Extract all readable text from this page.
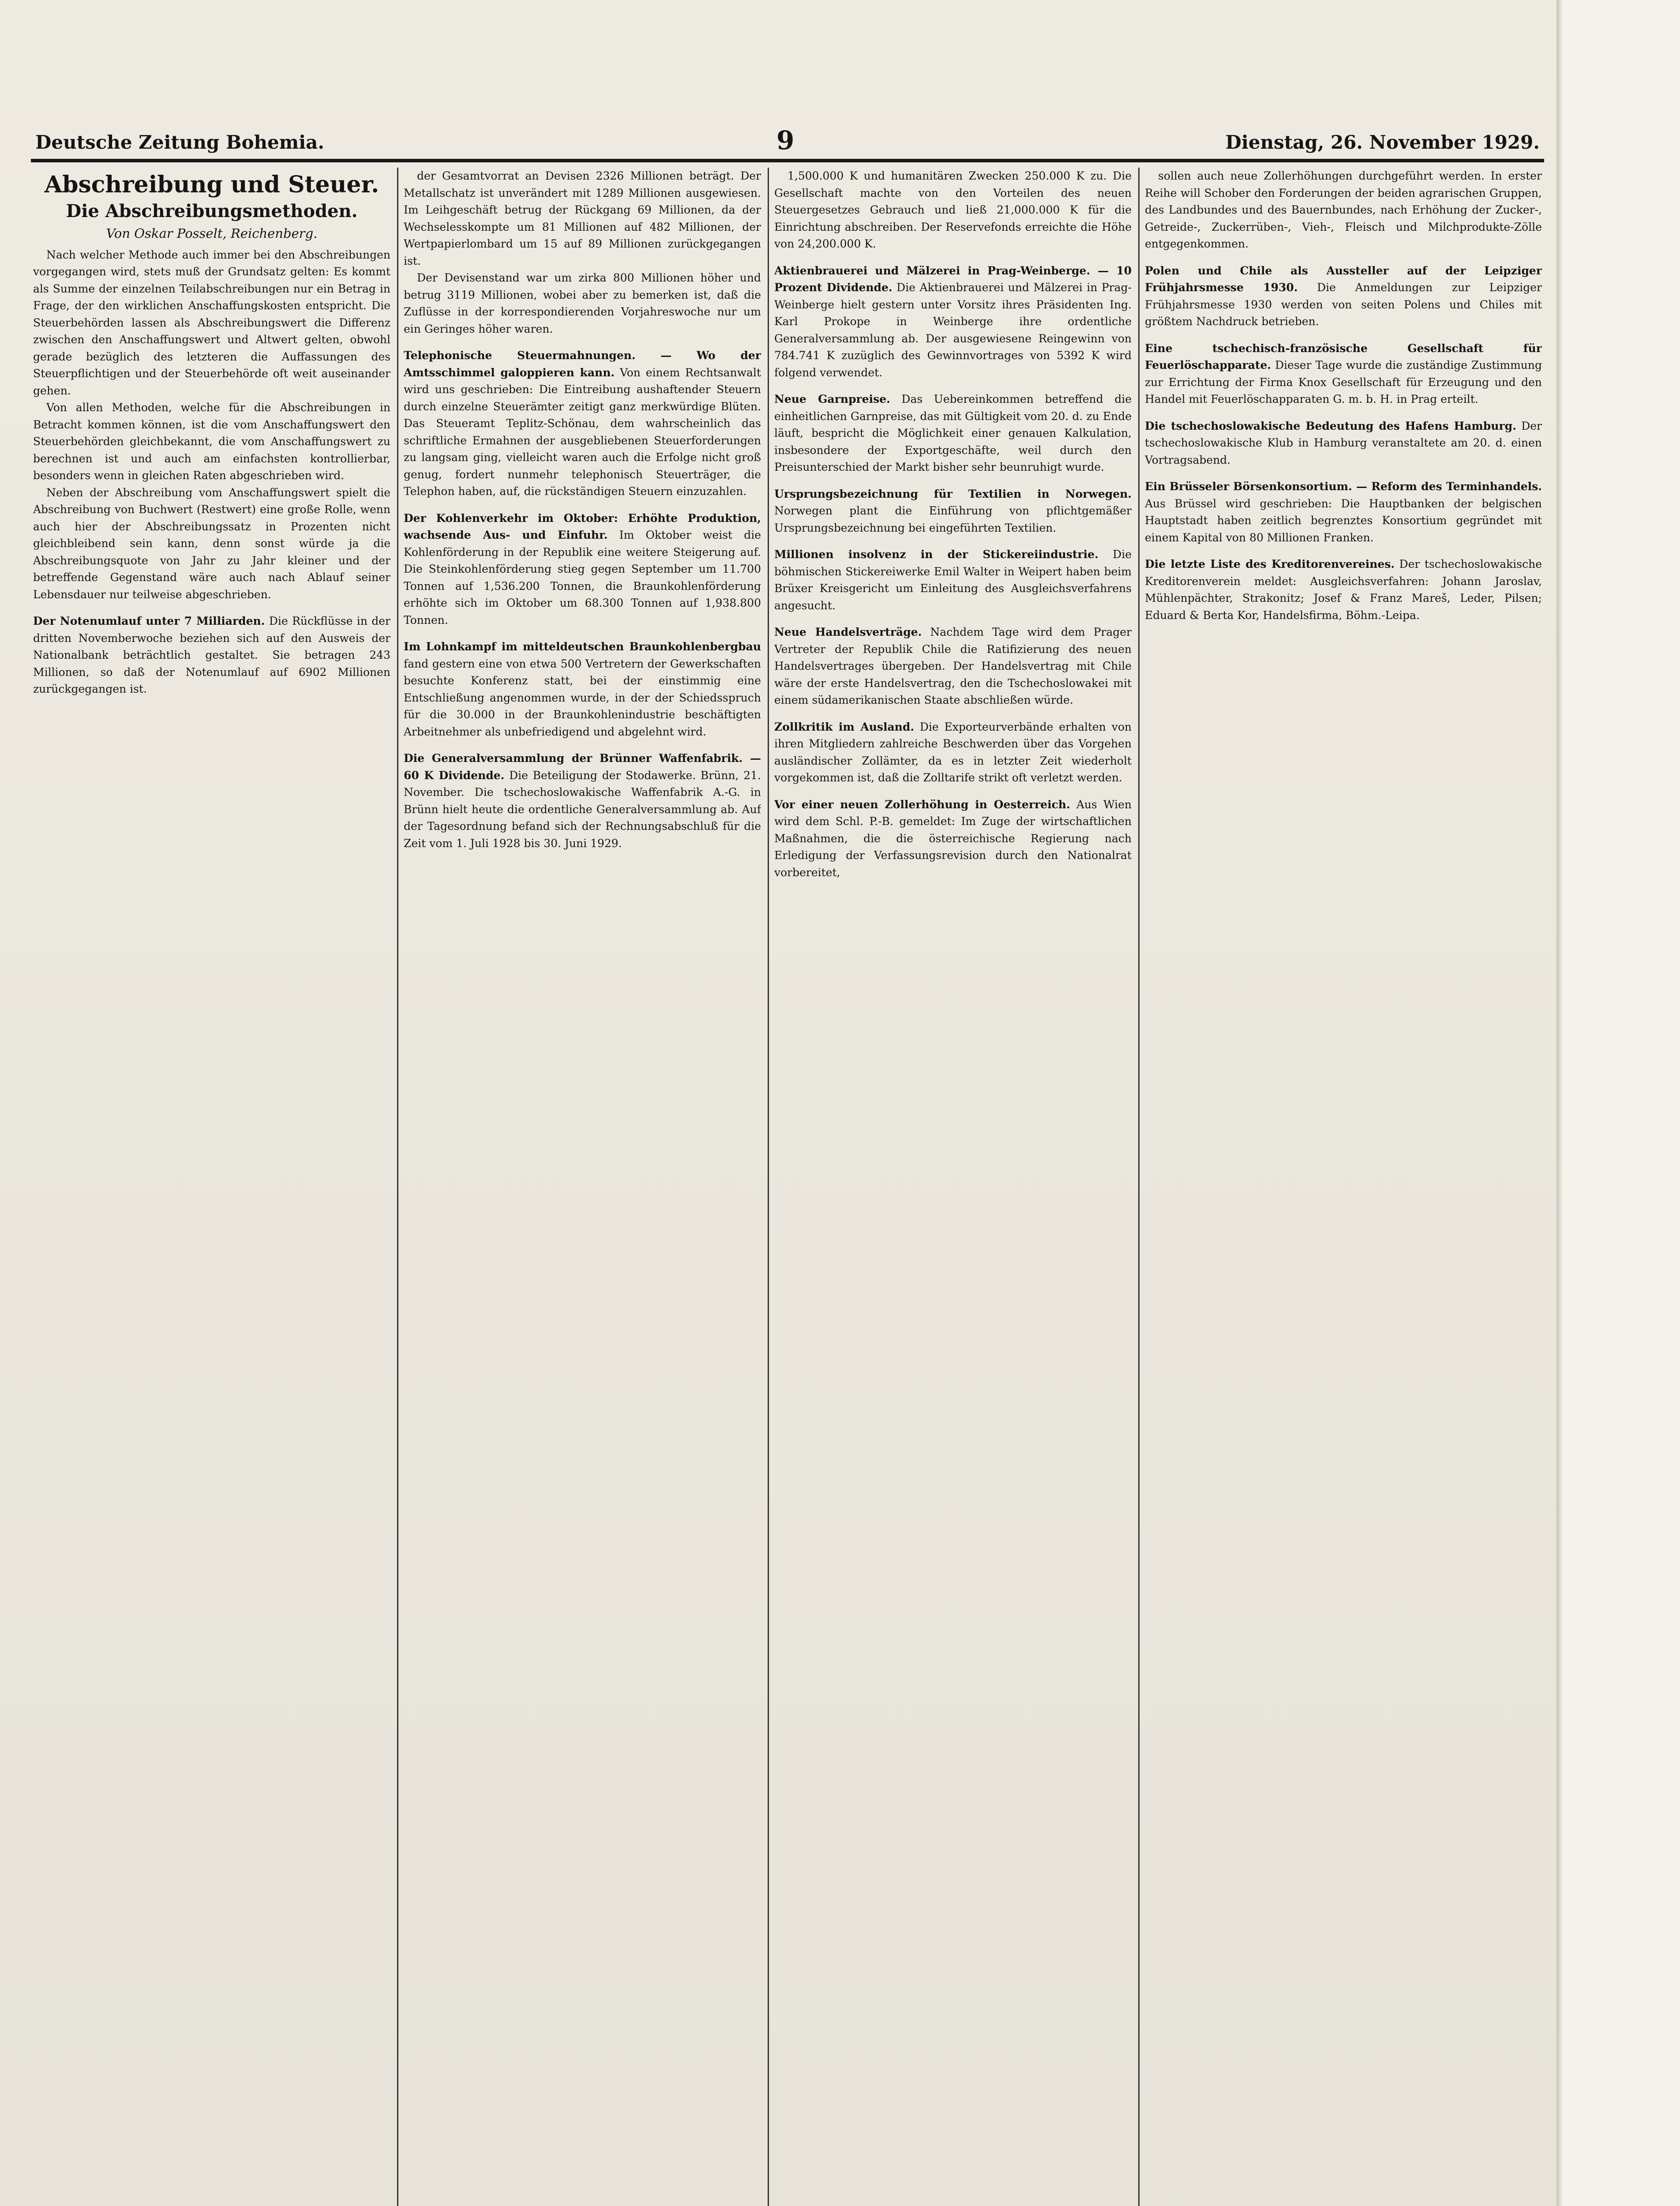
Deutsche Zeitung Bohemia.	9	Dienstag, 26. November 1929.
Abschreibung und Steuer.
Die Abschreibungsmethoden.
Von Oskar Posselt, Reichenberg.

Nach welcher Methode auch immer bei den Abschreibungen vorgegangen wird, stets muß der Grundsatz gelten: Es kommt als Summe der einzelnen Teilabschreibungen nur ein Betrag in Frage, der den wirklichen Anschaffungskosten entspricht. Die Steuerbehörden lassen als Abschreibungswert die Differenz zwischen den Anschaffungswert und Altwert gelten, obwohl gerade bezüglich des letzteren die Auffassungen des Steuerpflichtigen und der Steuerbehörde oft weit auseinander gehen.

Von allen Methoden, welche für die Abschreibungen in Betracht kommen können, ist die vom Anschaffungswert den Steuerbehörden gleichbekannt, die vom Anschaffungswert zu berechnen ist und auch am einfachsten kontrollierbar, besonders wenn in gleichen Raten abgeschrieben wird.

Neben der Abschreibung vom Anschaffungswert spielt die Abschreibung von Buchwert (Restwert) eine große Rolle, wenn auch hier der Abschreibungssatz in Prozenten nicht gleichbleibend sein kann, denn sonst würde ja die Abschreibungsquote von Jahr zu Jahr kleiner und der betreffende Gegenstand wäre auch nach Ablauf seiner Lebensdauer nur teilweise abgeschrieben.

Der Notenumlauf unter 7 Milliarden. Die Rückflüsse in der dritten Novemberwoche beziehen sich auf den Ausweis der Nationalbank beträchtlich gestaltet. Sie betragen 243 Millionen, so daß der Notenumlauf auf 6902 Millionen zurückgegangen ist.

der Gesamtvorrat an Devisen 2326 Millionen beträgt. Der Metallschatz ist unverändert mit 1289 Millionen ausgewiesen. Im Leihgeschäft betrug der Rückgang 69 Millionen, da der Wechselesskompte um 81 Millionen auf 482 Millionen, der Wertpapierlombard um 15 auf 89 Millionen zurückgegangen ist.

Der Devisenstand war um zirka 800 Millionen höher und betrug 3119 Millionen, wobei aber zu bemerken ist, daß die Zuflüsse in der korrespondierenden Vorjahreswoche nur um ein Geringes höher waren.

Telephonische Steuermahnungen. — Wo der Amtsschimmel galoppieren kann. Von einem Rechtsanwalt wird uns geschrieben: Die Eintreibung aushaftender Steuern durch einzelne Steuerämter zeitigt ganz merkwürdige Blüten. Das Steueramt Teplitz-Schönau, dem wahrscheinlich das schriftliche Ermahnen der ausgebliebenen Steuerforderungen zu langsam ging, vielleicht waren auch die Erfolge nicht groß genug, fordert nunmehr telephonisch Steuerträger, die Telephon haben, auf, die rückständigen Steuern einzuzahlen.
Der Kohlenverkehr im Oktober: Erhöhte Produktion, wachsende Aus- und Einfuhr. Im Oktober weist die Kohlenförderung in der Republik eine weitere Steigerung auf. Die Steinkohlenförderung stieg gegen September um 11.700 Tonnen auf 1,536.200 Tonnen, die Braunkohlenförderung erhöhte sich im Oktober um 68.300 Tonnen auf 1,938.800 Tonnen.
Im Lohnkampf im mitteldeutschen Braunkohlenbergbau fand gestern eine von etwa 500 Vertretern der Gewerkschaften besuchte Konferenz statt, bei der einstimmig eine Entschließung angenommen wurde, in der der Schiedsspruch für die 30.000 in der Braunkohlenindustrie beschäftigten Arbeitnehmer als unbefriedigend und abgelehnt wird.
Die Generalversammlung der Brünner Waffenfabrik. — 60 K Dividende. Die Beteiligung der Stodawerke. Brünn, 21. November. Die tschechoslowakische Waffenfabrik A.-G. in Brünn hielt heute die ordentliche Generalversammlung ab. Auf der Tagesordnung befand sich der Rechnungsabschluß für die Zeit vom 1. Juli 1928 bis 30. Juni 1929.

1,500.000 K und humanitären Zwecken 250.000 K zu. Die Gesellschaft machte von den Vorteilen des neuen Steuergesetzes Gebrauch und ließ 21,000.000 K für die Einrichtung abschreiben. Der Reservefonds erreichte die Höhe von 24,200.000 K.

Aktienbrauerei und Mälzerei in Prag-Weinberge. — 10 Prozent Dividende. Die Aktienbrauerei und Mälzerei in Prag-Weinberge hielt gestern unter Vorsitz ihres Präsidenten Ing. Karl Prokope in Weinberge ihre ordentliche Generalversammlung ab. Der ausgewiesene Reingewinn von 784.741 K zuzüglich des Gewinnvortrages von 5392 K wird folgend verwendet.
Neue Garnpreise. Das Uebereinkommen betreffend die einheitlichen Garnpreise, das mit Gültigkeit vom 20. d. zu Ende läuft, bespricht die Möglichkeit einer genauen Kalkulation, insbesondere der Exportgeschäfte, weil durch den Preisunterschied der Markt bisher sehr beunruhigt wurde.
Ursprungsbezeichnung für Textilien in Norwegen. Norwegen plant die Einführung von pflichtgemäßer Ursprungsbezeichnung bei eingeführten Textilien.
Millionen insolvenz in der Stickereiindustrie. Die böhmischen Stickereiwerke Emil Walter in Weipert haben beim Brüxer Kreisgericht um Einleitung des Ausgleichsverfahrens angesucht.
Neue Handelsverträge. Nachdem Tage wird dem Prager Vertreter der Republik Chile die Ratifizierung des neuen Handelsvertrages übergeben. Der Handelsvertrag mit Chile wäre der erste Handelsvertrag, den die Tschechoslowakei mit einem südamerikanischen Staate abschließen würde.
Zollkritik im Ausland. Die Exporteurverbände erhalten von ihren Mitgliedern zahlreiche Beschwerden über das Vorgehen ausländischer Zollämter, da es in letzter Zeit wiederholt vorgekommen ist, daß die Zolltarife strikt oft verletzt werden.
Vor einer neuen Zollerhöhung in Oesterreich. Aus Wien wird dem Schl. P.-B. gemeldet: Im Zuge der wirtschaftlichen Maßnahmen, die die österreichische Regierung nach Erledigung der Verfassungsrevision durch den Nationalrat vorbereitet,

sollen auch neue Zollerhöhungen durchgeführt werden. In erster Reihe will Schober den Forderungen der beiden agrarischen Gruppen, des Landbundes und des Bauernbundes, nach Erhöhung der Zucker-, Getreide-, Zuckerrüben-, Vieh-, Fleisch und Milchprodukte-Zölle entgegenkommen.

Polen und Chile als Aussteller auf der Leipziger Frühjahrsmesse 1930. Die Anmeldungen zur Leipziger Frühjahrsmesse 1930 werden von seiten Polens und Chiles mit größtem Nachdruck betrieben.
Eine tschechisch-französische Gesellschaft für Feuerlöschapparate. Dieser Tage wurde die zuständige Zustimmung zur Errichtung der Firma Knox Gesellschaft für Erzeugung und den Handel mit Feuerlöschapparaten G. m. b. H. in Prag erteilt.
Die tschechoslowakische Bedeutung des Hafens Hamburg. Der tschechoslowakische Klub in Hamburg veranstaltete am 20. d. einen Vortragsabend.
Ein Brüsseler Börsenkonsortium. — Reform des Terminhandels. Aus Brüssel wird geschrieben: Die Hauptbanken der belgischen Hauptstadt haben zeitlich begrenztes Konsortium gegründet mit einem Kapital von 80 Millionen Franken.
Die letzte Liste des Kreditorenvereines. Der tschechoslowakische Kreditorenverein meldet: Ausgleichsverfahren: Johann Jaroslav, Mühlenpächter, Strakonitz; Josef & Franz Mareš, Leder, Pilsen; Eduard & Berta Kor, Handelsfirma, Böhm.-Leipa.
